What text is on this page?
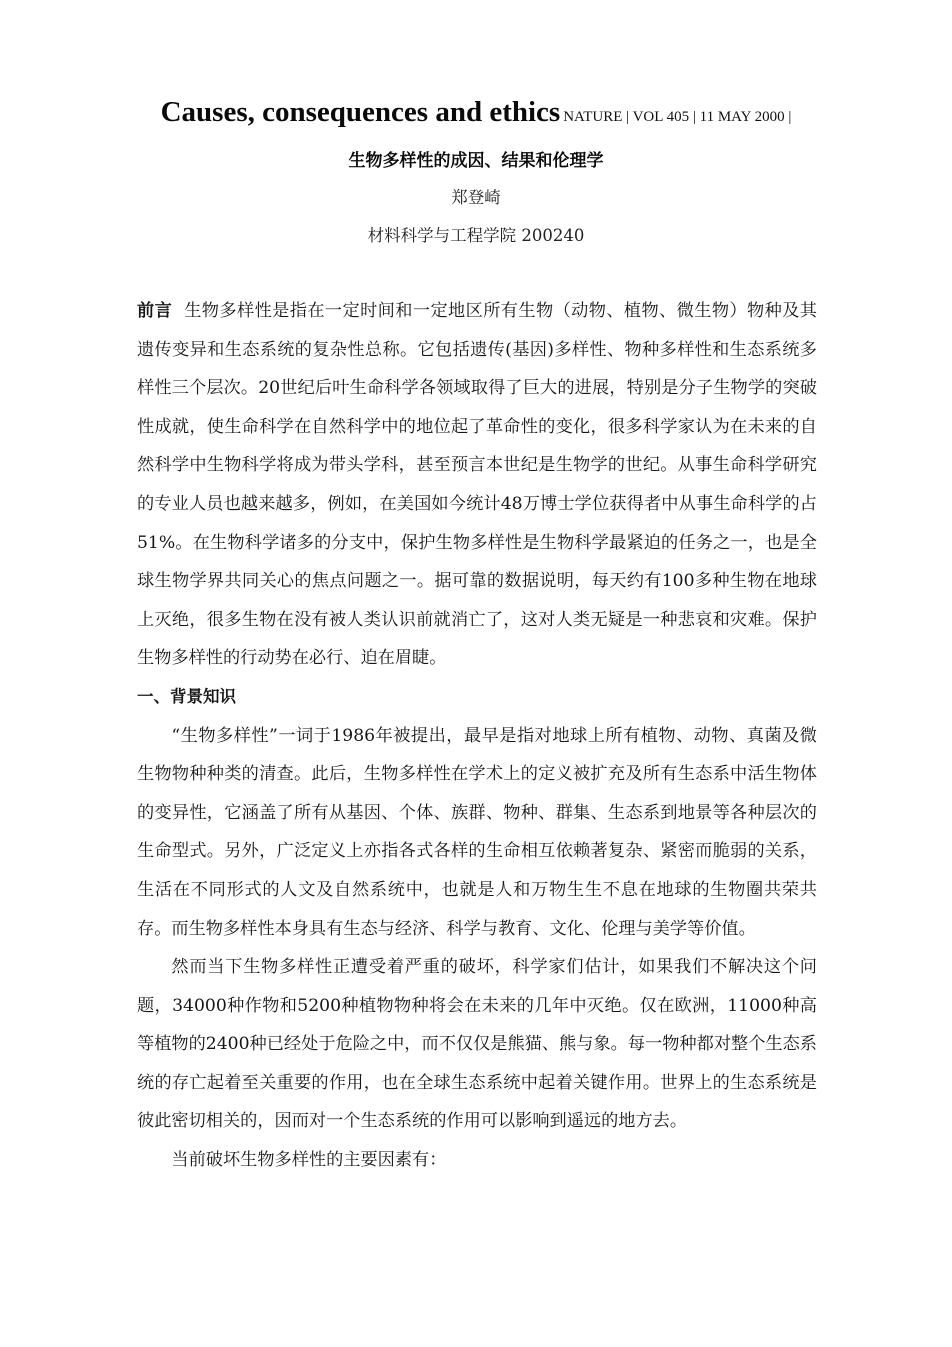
Causes, consequences and ethics NATURE | VOL 405 | 11 MAY 2000 |
生物多样性的成因、结果和伦理学
郑登崎
材料科学与工程学院 200240

前言 生物多样性是指在一定时间和一定地区所有生物（动物、植物、微生物）物种及其遗传变异和生态系统的复杂性总称。它包括遗传(基因)多样性、物种多样性和生态系统多样性三个层次。20世纪后叶生命科学各领域取得了巨大的进展，特别是分子生物学的突破性成就，使生命科学在自然科学中的地位起了革命性的变化，很多科学家认为在未来的自然科学中生物科学将成为带头学科，甚至预言本世纪是生物学的世纪。从事生命科学研究的专业人员也越来越多，例如，在美国如今统计48万博士学位获得者中从事生命科学的占51%。在生物科学诸多的分支中，保护生物多样性是生物科学最紧迫的任务之一，也是全球生物学界共同关心的焦点问题之一。据可靠的数据说明，每天约有100多种生物在地球上灭绝，很多生物在没有被人类认识前就消亡了，这对人类无疑是一种悲哀和灾难。保护生物多样性的行动势在必行、迫在眉睫。

一、背景知识

“生物多样性”一词于1986年被提出，最早是指对地球上所有植物、动物、真菌及微生物物种种类的清查。此后，生物多样性在学术上的定义被扩充及所有生态系中活生物体的变异性，它涵盖了所有从基因、个体、族群、物种、群集、生态系到地景等各种层次的生命型式。另外，广泛定义上亦指各式各样的生命相互依赖著复杂、紧密而脆弱的关系，生活在不同形式的人文及自然系统中，也就是人和万物生生不息在地球的生物圈共荣共存。而生物多样性本身具有生态与经济、科学与教育、文化、伦理与美学等价值。

然而当下生物多样性正遭受着严重的破坏，科学家们估计，如果我们不解决这个问题，34000种作物和5200种植物物种将会在未来的几年中灭绝。仅在欧洲，11000种高等植物的2400种已经处于危险之中，而不仅仅是熊猫、熊与象。每一物种都对整个生态系统的存亡起着至关重要的作用，也在全球生态系统中起着关键作用。世界上的生态系统是彼此密切相关的，因而对一个生态系统的作用可以影响到遥远的地方去。

当前破坏生物多样性的主要因素有：
